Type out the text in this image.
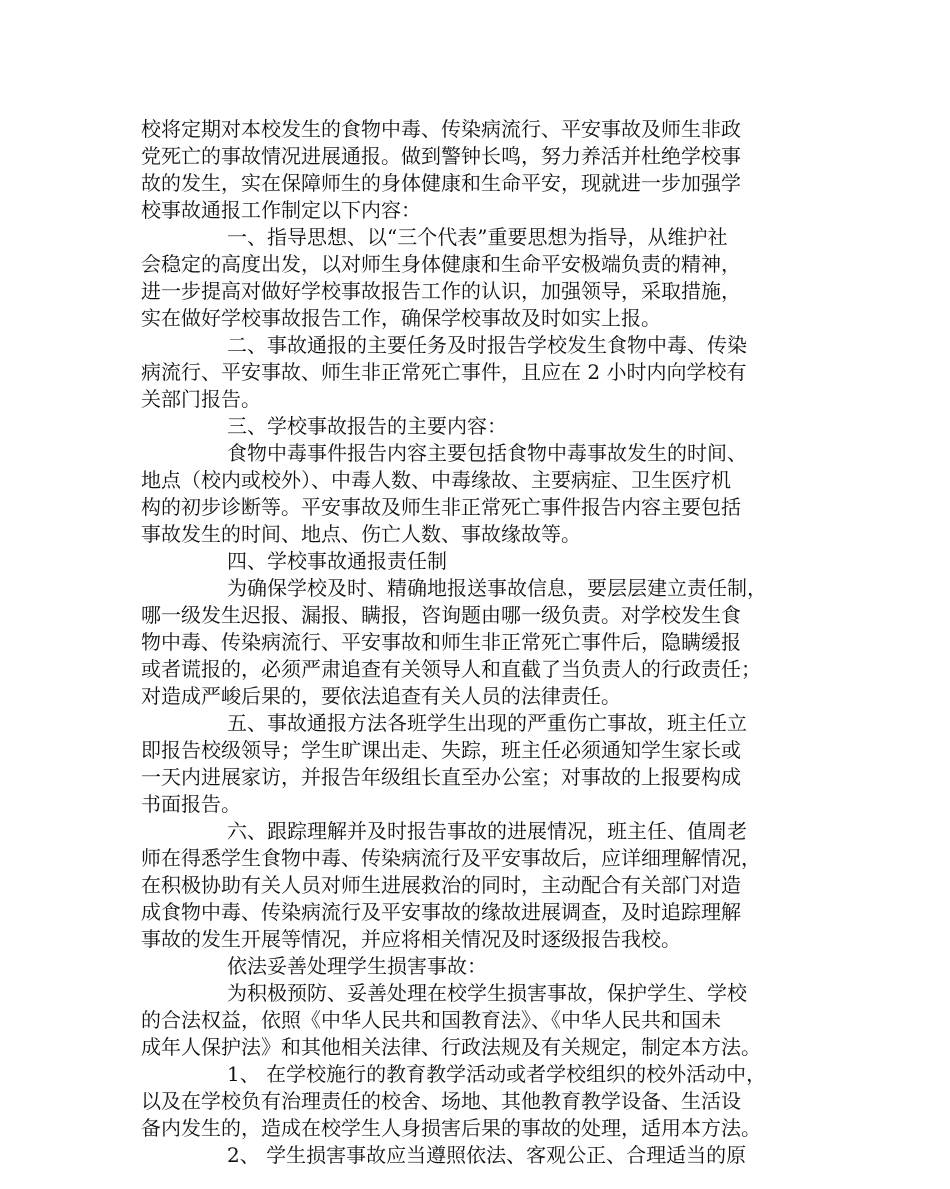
校将定期对本校发生的食物中毒、传染病流行、平安事故及师生非政
党死亡的事故情况进展通报。做到警钟长鸣，努力养活并杜绝学校事
故的发生，实在保障师生的身体健康和生命平安，现就进一步加强学
校事故通报工作制定以下内容：
一、指导思想、以“三个代表”重要思想为指导，从维护社
会稳定的高度出发，以对师生身体健康和生命平安极端负责的精神，
进一步提高对做好学校事故报告工作的认识，加强领导，采取措施，
实在做好学校事故报告工作，确保学校事故及时如实上报。
二、事故通报的主要任务及时报告学校发生食物中毒、传染
病流行、平安事故、师生非正常死亡事件，且应在 2 小时内向学校有
关部门报告。
三、学校事故报告的主要内容：
食物中毒事件报告内容主要包括食物中毒事故发生的时间、
地点（校内或校外）、中毒人数、中毒缘故、主要病症、卫生医疗机
构的初步诊断等。平安事故及师生非正常死亡事件报告内容主要包括
事故发生的时间、地点、伤亡人数、事故缘故等。
四、学校事故通报责任制
为确保学校及时、精确地报送事故信息，要层层建立责任制，
哪一级发生迟报、漏报、瞒报，咨询题由哪一级负责。对学校发生食
物中毒、传染病流行、平安事故和师生非正常死亡事件后，隐瞒缓报
或者谎报的，必须严肃追查有关领导人和直截了当负责人的行政责任；
对造成严峻后果的，要依法追查有关人员的法律责任。
五、事故通报方法各班学生出现的严重伤亡事故，班主任立
即报告校级领导；学生旷课出走、失踪，班主任必须通知学生家长或
一天内进展家访，并报告年级组长直至办公室；对事故的上报要构成
书面报告。
六、跟踪理解并及时报告事故的进展情况，班主任、值周老
师在得悉学生食物中毒、传染病流行及平安事故后，应详细理解情况，
在积极协助有关人员对师生进展救治的同时，主动配合有关部门对造
成食物中毒、传染病流行及平安事故的缘故进展调查，及时追踪理解
事故的发生开展等情况，并应将相关情况及时逐级报告我校。
依法妥善处理学生损害事故：
为积极预防、妥善处理在校学生损害事故，保护学生、学校
的合法权益，依照《中华人民共和国教育法》、《中华人民共和国未
成年人保护法》和其他相关法律、行政法规及有关规定，制定本方法。
1、 在学校施行的教育教学活动或者学校组织的校外活动中，
以及在学校负有治理责任的校舍、场地、其他教育教学设备、生活设
备内发生的，造成在校学生人身损害后果的事故的处理，适用本方法。
2、 学生损害事故应当遵照依法、客观公正、合理适当的原
